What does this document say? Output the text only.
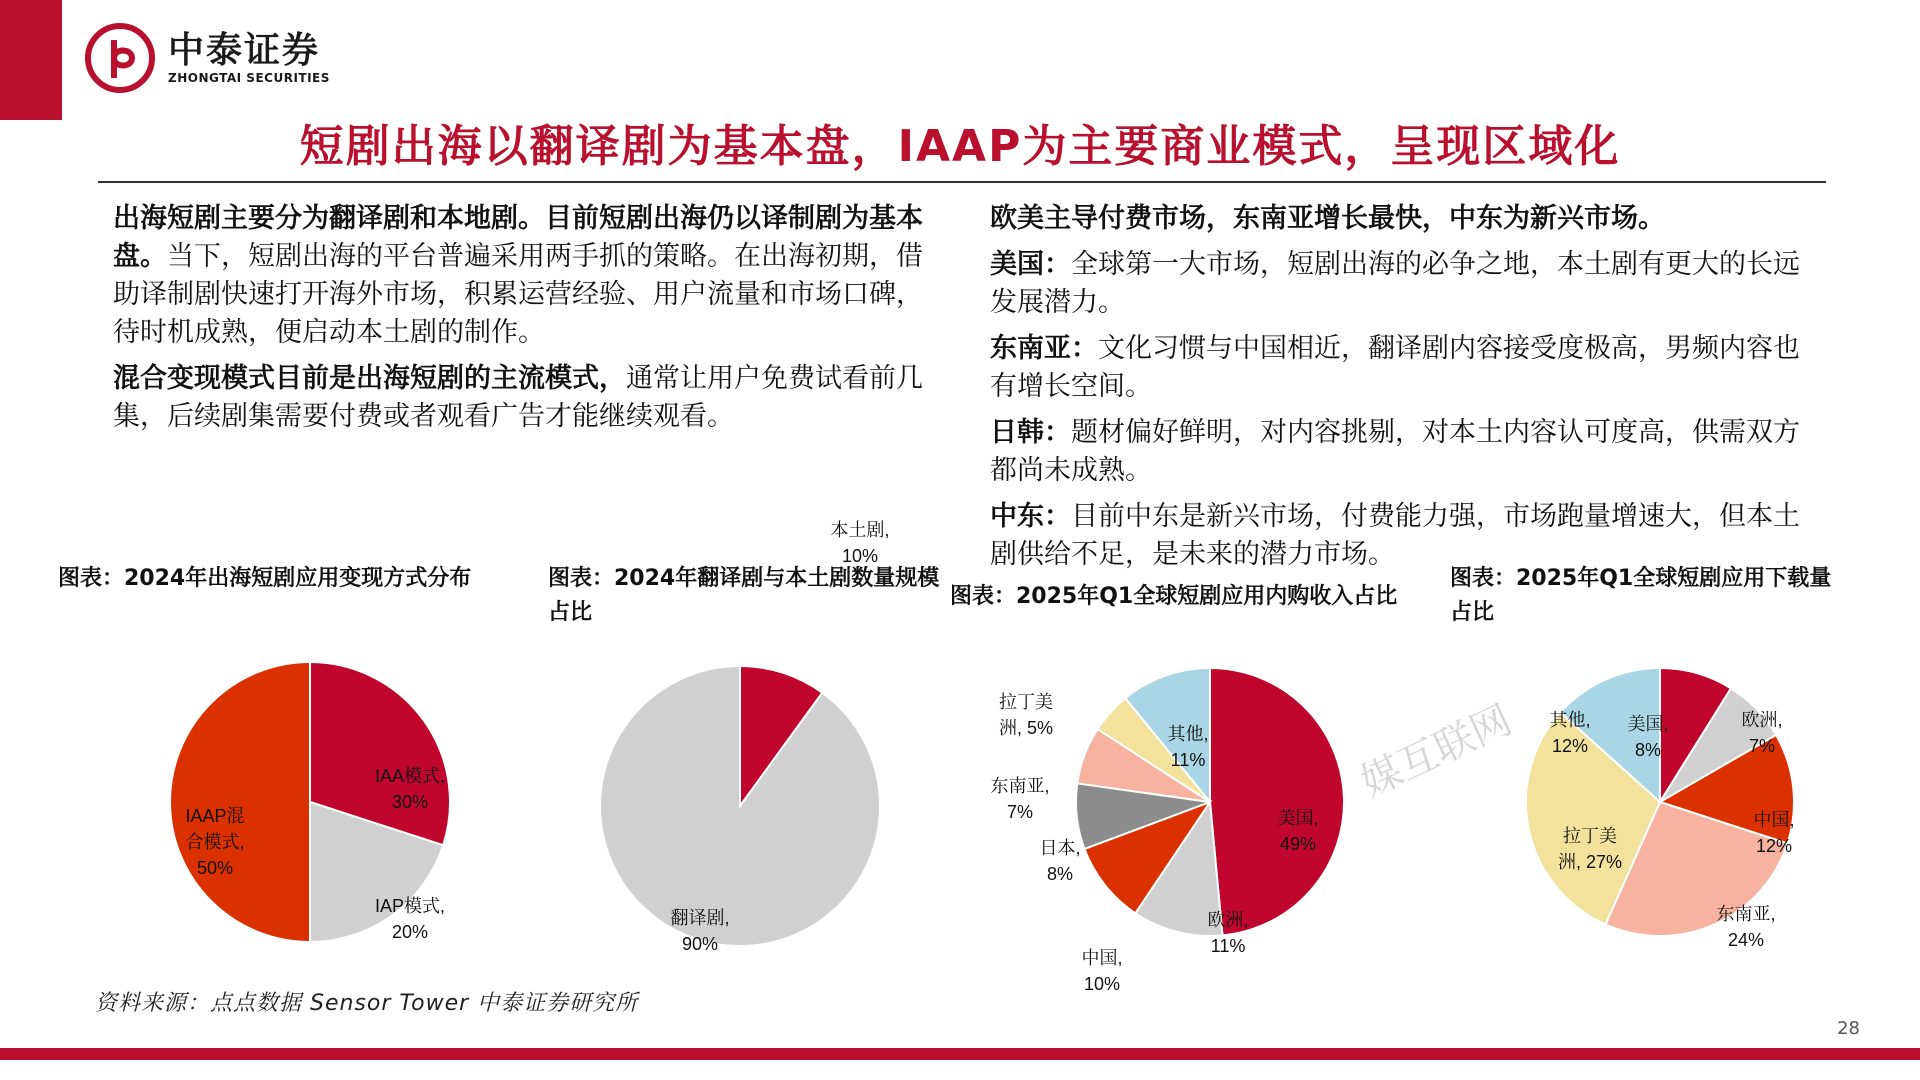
中泰证券
ZHONGTAI SECURITIES
短剧出海以翻译剧为基本盘，IAAP为主要商业模式，呈现区域化

出海短剧主要分为翻译剧和本地剧。目前短剧出海仍以译制剧为基本盘。当下，短剧出海的平台普遍采用两手抓的策略。在出海初期，借助译制剧快速打开海外市场，积累运营经验、用户流量和市场口碑，待时机成熟，便启动本土剧的制作。

混合变现模式目前是出海短剧的主流模式，通常让用户免费试看前几集，后续剧集需要付费或者观看广告才能继续观看。

欧美主导付费市场，东南亚增长最快，中东为新兴市场。

美国：全球第一大市场，短剧出海的必争之地，本土剧有更大的长远发展潜力。

东南亚：文化习惯与中国相近，翻译剧内容接受度极高，男频内容也有增长空间。

日韩：题材偏好鲜明，对内容挑剔，对本土内容认可度高，供需双方都尚未成熟。

中东：目前中东是新兴市场，付费能力强，市场跑量增速大，但本土剧供给不足，是未来的潜力市场。

图表：2024年出海短剧应用变现方式分布	图表：2024年翻译剧与本土剧数量规模占比
图表：2025年Q1全球短剧应用内购收入占比
图表：2025年Q1全球短剧应用下载量占比
媒互联网
IAA模式, 30%
IAP模式, 20%
IAAP混合模式, 50%
本土剧, 10%
翻译剧, 90%
美国, 49%
欧洲, 11%
中国, 10%
日本, 8%
东南亚, 7%
拉丁美洲, 5%	其他, 11%
美国, 8%
欧洲, 7%
中国, 12%
东南亚, 24%
拉丁美洲, 27%
其他, 12%
资料来源：点点数据 Sensor Tower 中泰证券研究所
28
